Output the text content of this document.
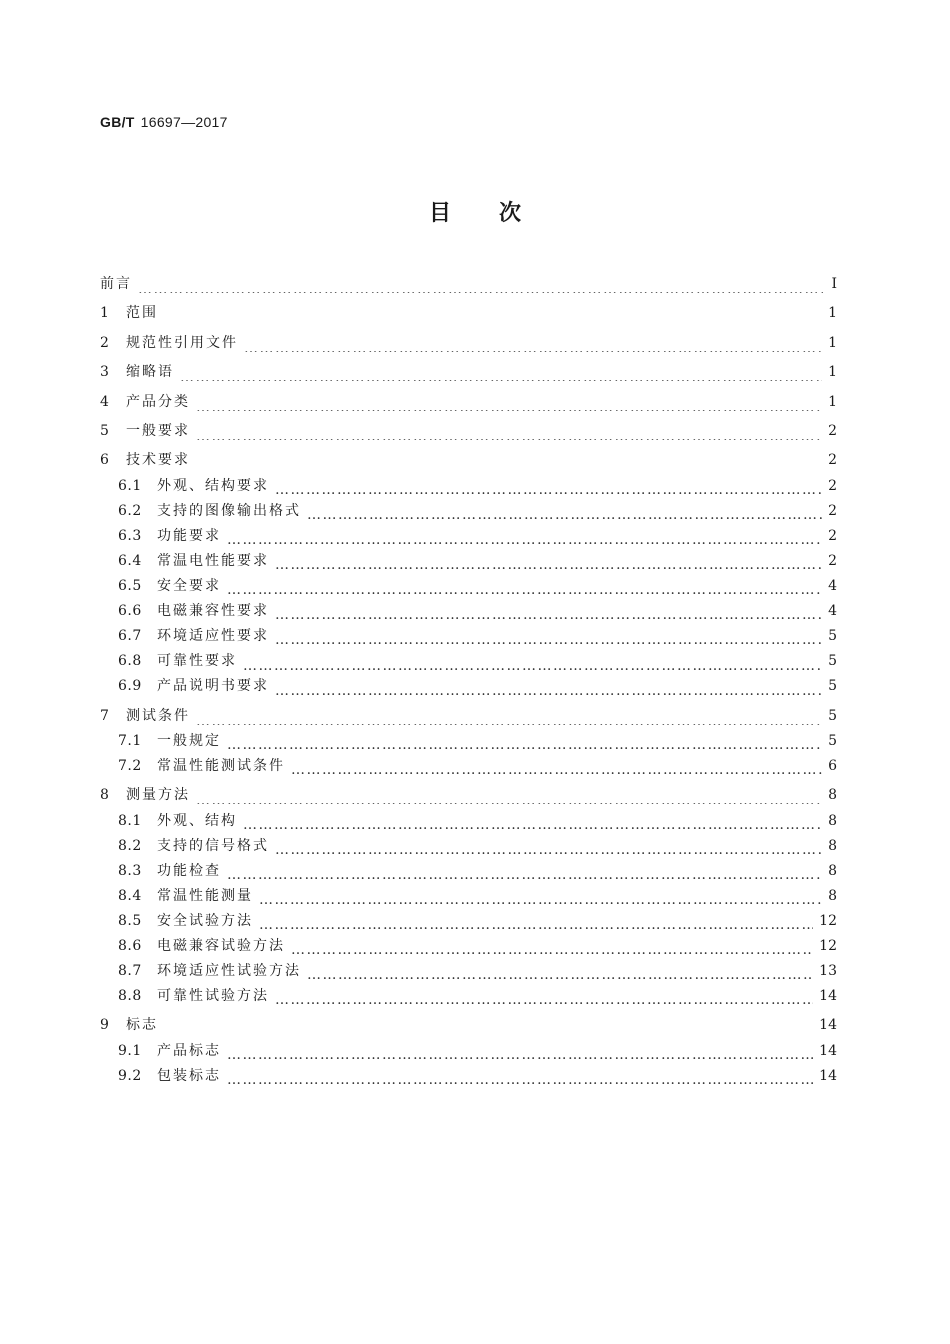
GB/T 16697—2017
目次
前言 …………………………………………………………………………………………………………………………………………………………………………………………………………………………………………………………………………………	Ⅰ
1	范围 …………………………………………………………………………………………………………………………………………………………………………………………………………………………………………………………………………………	1
2	规范性引用文件 …………………………………………………………………………………………………………………………………………………………………………………………………………………………………………………………………………………	1
3	缩略语 …………………………………………………………………………………………………………………………………………………………………………………………………………………………………………………………………………………	1
4	产品分类 …………………………………………………………………………………………………………………………………………………………………………………………………………………………………………………………………………………	1
5	一般要求 …………………………………………………………………………………………………………………………………………………………………………………………………………………………………………………………………………………	2
6	技术要求 …………………………………………………………………………………………………………………………………………………………………………………………………………………………………………………………………………………	2
6.1	外观、结构要求 …………………………………………………………………………………………………………………………………………………………………………………………………………………………………………………………………………………	2
6.2	支持的图像输出格式 …………………………………………………………………………………………………………………………………………………………………………………………………………………………………………………………………………………	2
6.3	功能要求 …………………………………………………………………………………………………………………………………………………………………………………………………………………………………………………………………………………	2
6.4	常温电性能要求 …………………………………………………………………………………………………………………………………………………………………………………………………………………………………………………………………………………	2
6.5	安全要求 …………………………………………………………………………………………………………………………………………………………………………………………………………………………………………………………………………………	4
6.6	电磁兼容性要求 …………………………………………………………………………………………………………………………………………………………………………………………………………………………………………………………………………………	4
6.7	环境适应性要求 …………………………………………………………………………………………………………………………………………………………………………………………………………………………………………………………………………………	5
6.8	可靠性要求 …………………………………………………………………………………………………………………………………………………………………………………………………………………………………………………………………………………	5
6.9	产品说明书要求 …………………………………………………………………………………………………………………………………………………………………………………………………………………………………………………………………………………	5
7	测试条件 …………………………………………………………………………………………………………………………………………………………………………………………………………………………………………………………………………………	5
7.1	一般规定 …………………………………………………………………………………………………………………………………………………………………………………………………………………………………………………………………………………	5
7.2	常温性能测试条件 …………………………………………………………………………………………………………………………………………………………………………………………………………………………………………………………………………………	6
8	测量方法 …………………………………………………………………………………………………………………………………………………………………………………………………………………………………………………………………………………	8
8.1	外观、结构 …………………………………………………………………………………………………………………………………………………………………………………………………………………………………………………………………………………	8
8.2	支持的信号格式 …………………………………………………………………………………………………………………………………………………………………………………………………………………………………………………………………………………	8
8.3	功能检查 …………………………………………………………………………………………………………………………………………………………………………………………………………………………………………………………………………………	8
8.4	常温性能测量 …………………………………………………………………………………………………………………………………………………………………………………………………………………………………………………………………………………	8
8.5	安全试验方法 …………………………………………………………………………………………………………………………………………………………………………………………………………………………………………………………………………………	12
8.6	电磁兼容试验方法 …………………………………………………………………………………………………………………………………………………………………………………………………………………………………………………………………………………	12
8.7	环境适应性试验方法 …………………………………………………………………………………………………………………………………………………………………………………………………………………………………………………………………………………	13
8.8	可靠性试验方法 …………………………………………………………………………………………………………………………………………………………………………………………………………………………………………………………………………………	14
9	标志 …………………………………………………………………………………………………………………………………………………………………………………………………………………………………………………………………………………	14
9.1	产品标志 …………………………………………………………………………………………………………………………………………………………………………………………………………………………………………………………………………………	14
9.2	包装标志 …………………………………………………………………………………………………………………………………………………………………………………………………………………………………………………………………………………	14
